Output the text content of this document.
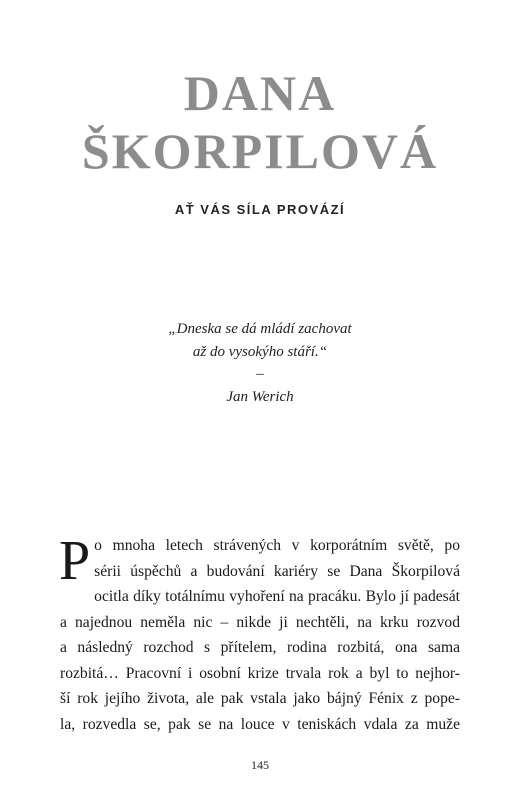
DANA
ŠKORPILOVÁ
AŤ VÁS SÍLA PROVÁZÍ
„Dneska se dá mládí zachovat
až do vysokýho stáří.“
–
Jan Werich
P o mnoha letech strávených v korporátním světě, po
sérii úspěchů a budování kariéry se Dana Škorpilová
ocitla díky totálnímu vyhoření na pracáku. Bylo jí padesát
a najednou neměla nic – nikde ji nechtěli, na krku rozvod
a následný rozchod s přítelem, rodina rozbitá, ona sama
rozbitá… Pracovní i osobní krize trvala rok a byl to nejhor-
ší rok jejího života, ale pak vstala jako bájný Fénix z pope-
la, rozvedla se, pak se na louce v teniskách vdala za muže
145
